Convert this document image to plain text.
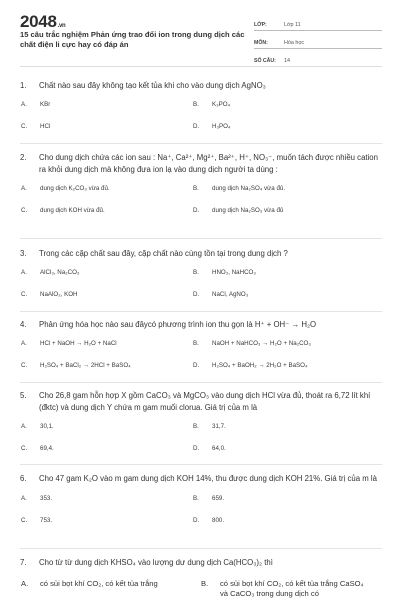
2048.vn
15 câu trắc nghiệm Phản ứng trao đổi ion trong dung dịch các chất điện li cực hay có đáp án
LỚP:	Lớp 11
MÔN:	Hóa học
SỐ CÂU:	14
1.	Chất nào sau đây không tạo kết tủa khi cho vào dung dịch AgNO₃
A.	KBr	B.	K₃PO₄
C.	HCl	D.	H₃PO₄
2.	Cho dung dịch chứa các ion sau : Na⁺, Ca²⁺, Mg²⁺, Ba²⁺, H⁺, NO₃⁻, muốn tách được nhiều cation ra khỏi dung dịch mà không đưa ion lạ vào dung dịch người ta dùng :
A.	dung dịch K₂CO₃ vừa đủ.	B.	dung dịch Na₂SO₄ vừa đủ.
C.	dung dịch KOH vừa đủ.	D.	dung dịch Na₂SO₃ vừa đủ
3.	Trong các cặp chất sau đây, cặp chất nào cùng tồn tại trong dung dịch ?
A.	AlCl₃, Na₂CO₃	B.	HNO₃, NaHCO₃
C.	NaAlO₂, KOH	D.	NaCl, AgNO₃
4.	Phản ứng hóa học nào sau đâycó phương trình ion thu gọn là H⁺ + OH⁻ → H₂O
A.	HCl + NaOH → H₂O + NaCl	B.	NaOH + NaHCO₃ → H₂O + Na₂CO₃
C.	H₂SO₄ + BaCl₂ → 2HCl + BaSO₄	D.	H₂SO₄ + BaOH₂ → 2H₂O + BaSO₄
5.	Cho 26,8 gam hỗn hợp X gồm CaCO₃ và MgCO₃ vào dung dịch HCl vừa đủ, thoát ra 6,72 lít khí (đktc) và dung dịch Y chứa m gam muối clorua. Giá trị của m là
A.	30,1.	B.	31,7.
C.	69,4.	D.	64,0.
6.	Cho 47 gam K₂O vào m gam dung dịch KOH 14%, thu được dung dịch KOH 21%. Giá trị của m là
A.	353.	B.	659.
C.	753.	D.	800.
7.	Cho từ từ dung dịch KHSO₄ vào lượng dư dung dịch Ca(HCO₃)₂ thì
A.	có sủi bọt khí CO₂, có kết tủa trắng	B.	có sủi bọt khí CO₂, có kết tủa trắng CaSO₄ và CaCO₃ trong dung dịch có
